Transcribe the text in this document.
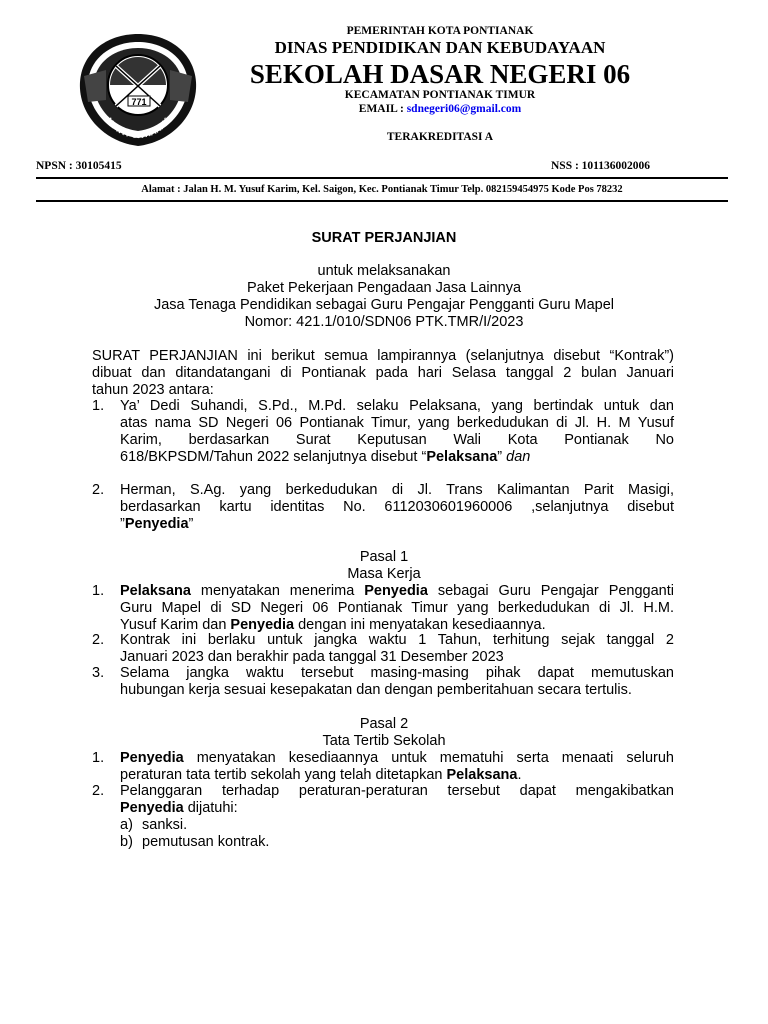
771
KOTA PONTIANAK
PEMERINTAH KOTA PONTIANAK
DINAS PENDIDIKAN DAN KEBUDAYAAN
SEKOLAH DASAR NEGERI 06
KECAMATAN PONTIANAK TIMUR
EMAIL : sdnegeri06@gmail.com
TERAKREDITASI A
NPSN : 30105415	NSS : 101136002006
Alamat : Jalan H. M. Yusuf Karim, Kel. Saigon, Kec. Pontianak Timur Telp. 082159454975 Kode Pos 78232
SURAT PERJANJIAN
untuk melaksanakan
Paket Pekerjaan Pengadaan Jasa Lainnya
Jasa Tenaga Pendidikan sebagai Guru Pengajar Pengganti Guru Mapel
Nomor: 421.1/010/SDN06 PTK.TMR/I/2023
SURAT PERJANJIAN ini berikut semua lampirannya (selanjutnya disebut “Kontrak”)
dibuat dan ditandatangani di Pontianak pada hari Selasa tanggal 2 bulan Januari
tahun 2023 antara:
1. Ya’ Dedi Suhandi, S.Pd., M.Pd. selaku Pelaksana, yang bertindak untuk dan
atas nama SD Negeri 06 Pontianak Timur, yang berkedudukan di Jl. H. M Yusuf
Karim, berdasarkan Surat Keputusan Wali Kota Pontianak No
618/BKPSDM/Tahun 2022 selanjutnya disebut “Pelaksana” dan
2. Herman, S.Ag. yang berkedudukan di Jl. Trans Kalimantan Parit Masigi,
berdasarkan kartu identitas No. 6112030601960006 ,selanjutnya disebut
”Penyedia”
Pasal 1
Masa Kerja
1. Pelaksana menyatakan menerima Penyedia sebagai Guru Pengajar Pengganti
Guru Mapel di SD Negeri 06 Pontianak Timur yang berkedudukan di Jl. H.M.
Yusuf Karim dan Penyedia dengan ini menyatakan kesediaannya.
2. Kontrak ini berlaku untuk jangka waktu 1 Tahun, terhitung sejak tanggal 2
Januari 2023 dan berakhir pada tanggal 31 Desember 2023
3. Selama jangka waktu tersebut masing-masing pihak dapat memutuskan
hubungan kerja sesuai kesepakatan dan dengan pemberitahuan secara tertulis.
Pasal 2
Tata Tertib Sekolah
1. Penyedia menyatakan kesediaannya untuk mematuhi serta menaati seluruh
peraturan tata tertib sekolah yang telah ditetapkan Pelaksana.
2. Pelanggaran terhadap peraturan-peraturan tersebut dapat mengakibatkan
Penyedia dijatuhi:
a) sanksi.
b) pemutusan kontrak.
